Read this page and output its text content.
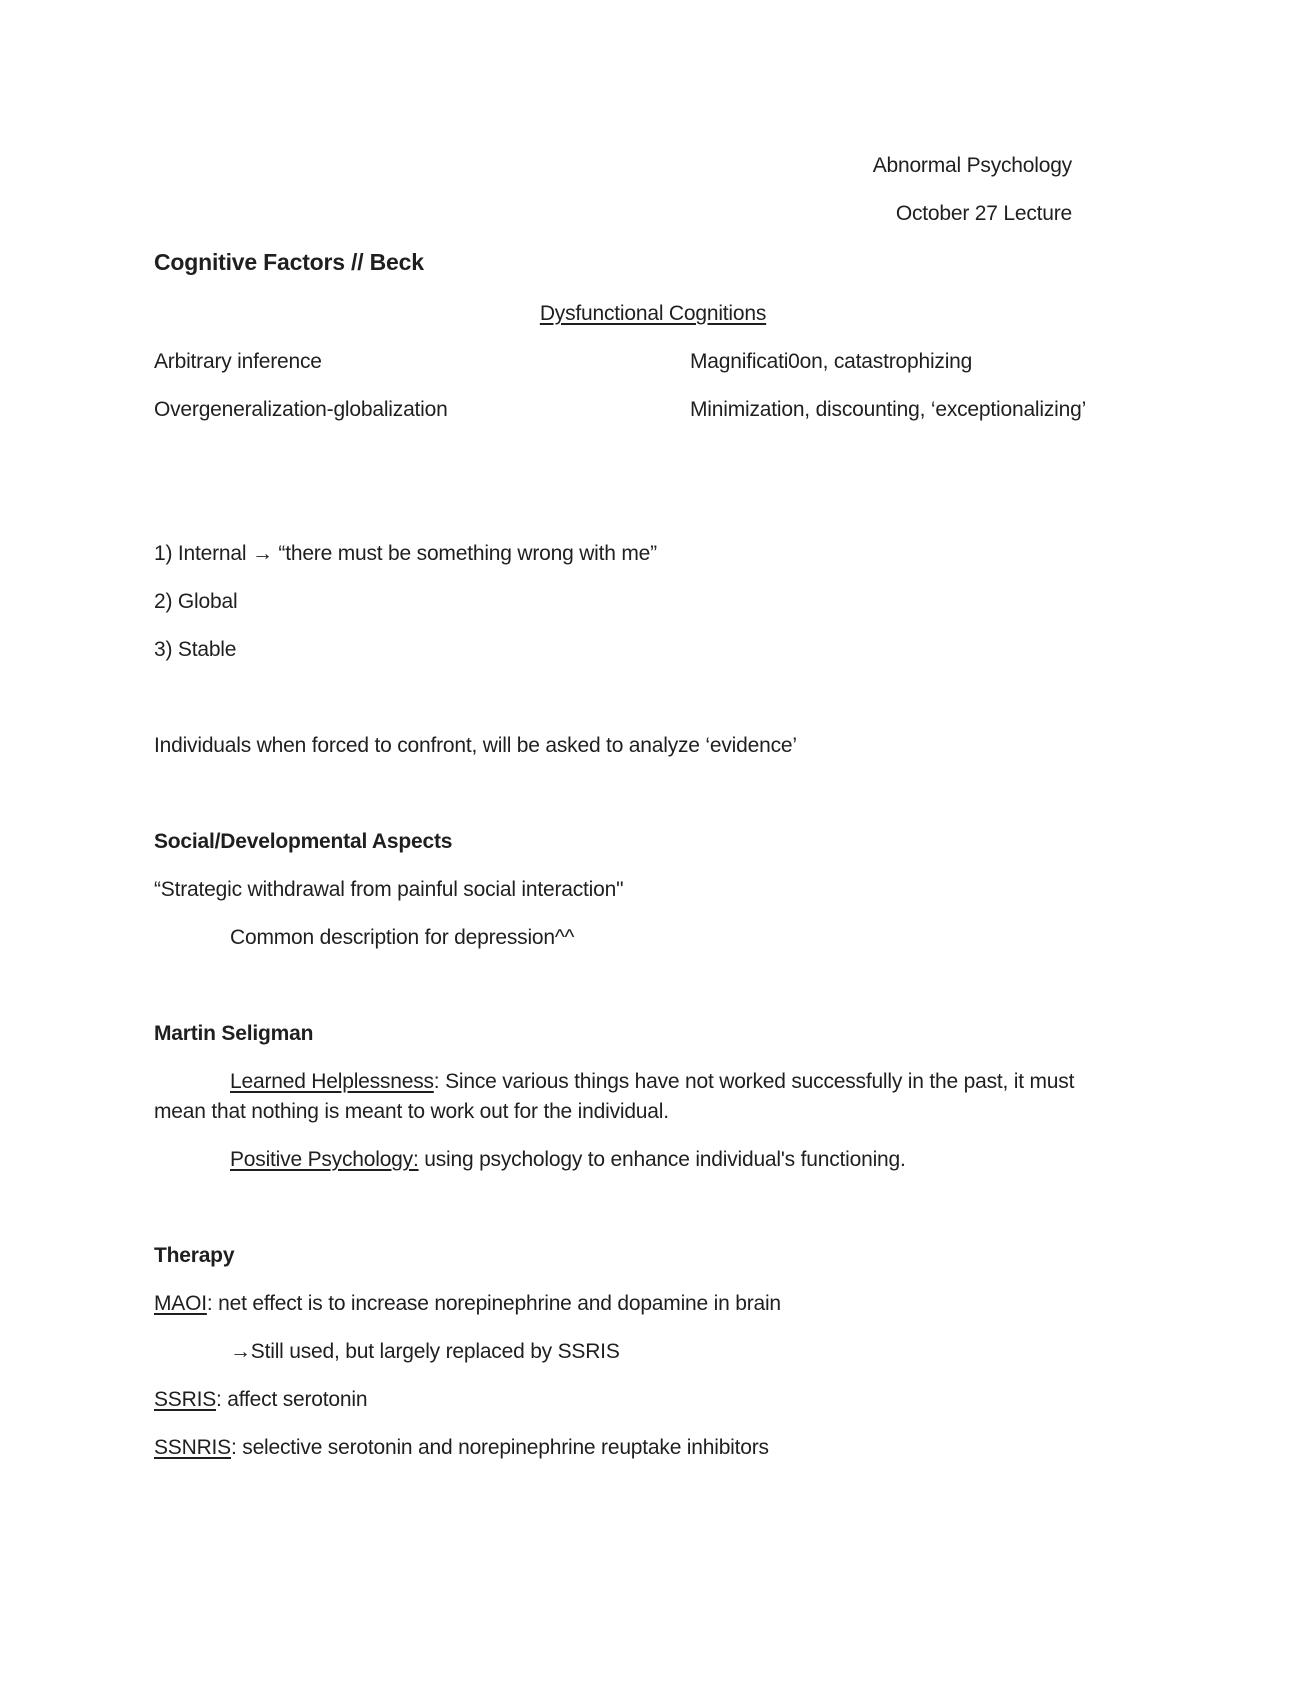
Abnormal Psychology
October 27 Lecture
Cognitive Factors // Beck
Dysfunctional Cognitions
Arbitrary inference	Magnificati0on, catastrophizing
Overgeneralization-globalization	Minimization, discounting, ‘exceptionalizing’
1) Internal → “there must be something wrong with me”
2) Global
3) Stable
Individuals when forced to confront, will be asked to analyze ‘evidence’
Social/Developmental Aspects
“Strategic withdrawal from painful social interaction"
Common description for depression^^
Martin Seligman
Learned Helplessness: Since various things have not worked successfully in the past, it must
mean that nothing is meant to work out for the individual.
Positive Psychology: using psychology to enhance individual's functioning.
Therapy
MAOI: net effect is to increase norepinephrine and dopamine in brain
→Still used, but largely replaced by SSRIS
SSRIS: affect serotonin
SSNRIS: selective serotonin and norepinephrine reuptake inhibitors
